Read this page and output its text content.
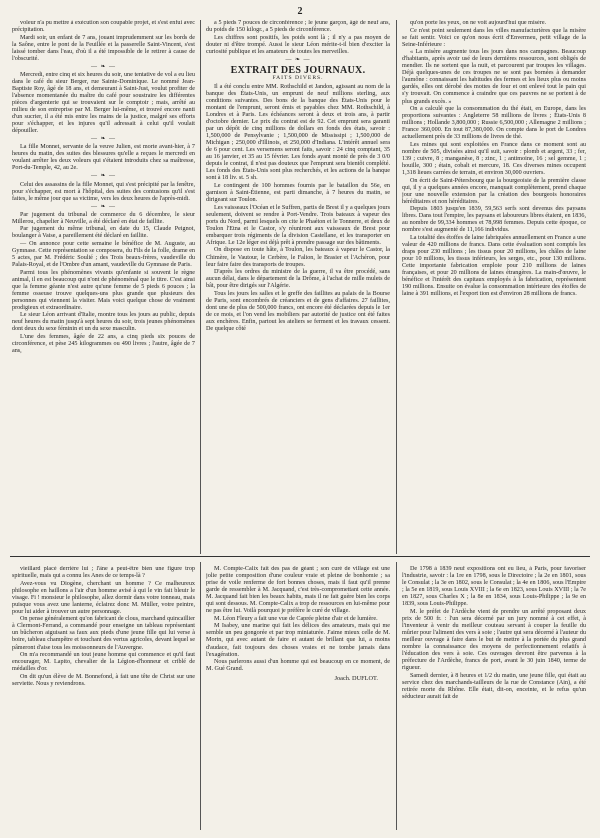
2

voleur n'a pu mettre à exécution son coupable projet, et s'est enfui avec précipitation.

Mardi soir, un enfant de 7 ans, jouant imprudemment sur les bords de la Saône, entre le pont de la Feuillée et la passerelle Saint-Vincent, s'est laissé tomber dans l'eau, d'où il a été impossible de le retirer à cause de l'obscurité.

— ❧ —

Mercredi, entre cinq et six heures du soir, une tentative de vol a eu lieu dans le café du sieur Berger, rue Sainte-Dominique. Le nommé Jean-Baptiste Roy, âgé de 18 ans, et demeurant à Saint-Just, voulut profiter de l'absence momentanée du maître du café pour soustraire les différentes pièces d'argenterie qui se trouvaient sur le comptoir ; mais, arrêté au milieu de son entreprise par M. Berger lui-même, et trouvé encore nanti d'un sucrier, il a été mis entre les mains de la justice, malgré ses efforts pour s'échapper, et les injures qu'il adressait à celui qu'il voulait dépouiller.

— ❧ —

La fille Monnet, servante de la veuve Julien, est morte avant-hier, à 7 heures du matin, des suites des blessures qu'elle a reçues le mercredi en voulant arrêter les deux voleurs qui s'étaient introduits chez sa maîtresse, Port-du-Temple, 42, au 2e.

— ❧ —

Celui des assassins de la fille Monnet, qui s'est précipité par la fenêtre, pour s'échapper, est mort à l'hôpital, des suites des contusions qu'il s'est faites, le même jour que sa victime, vers les deux heures de l'après-midi.

— ❧ —

Par jugement du tribunal de commerce du 6 décembre, le sieur Millerou, chapelier à Neuville, a été déclaré en état de faillite.

Par jugement du même tribunal, en date du 15, Claude Peignot, boulanger à Vaise, a pareillement été déclaré en faillite.

— On annonce pour cette semaine le bénéfice de M. Auguste, au Gymnase. Cette représentation se composera, du Fils de la folle, drame en 5 actes, par M. Frédéric Soulié ; des Trois beaux-frères, vaudeville du Palais-Royal, et de l'Ombre d'un amant, vaudeville du Gymnase de Paris.

Parmi tous les phénomènes vivants qu'enfante si souvent le règne animal, il en est beaucoup qui n'ont de phénoménal que le titre. C'est ainsi que la femme géante n'est autre qu'une femme de 5 pieds 6 pouces ; la femme osseuse trouve quelques-uns plus grande que plusieurs des personnes qui viennent la visiter. Mais voici quelque chose de vraiment prodigieux et extraordinaire.

Le sieur Léon arrivant d'Italie, montre tous les jours au public, depuis neuf heures du matin jusqu'à sept heures du soir, trois jeunes phénomènes dont deux du sexe féminin et un du sexe masculin.

L'une des femmes, âgée de 22 ans, a cinq pieds six pouces de circonférence, et pèse 245 kilogrammes ou 490 livres ; l'autre, âgée de 7 ans,

a 5 pieds 7 pouces de circonférence ; le jeune garçon, âgé de neuf ans, du poids de 150 kilogr., a 5 pieds de circonférence.

Les chiffres sont positifs, les poids sont là ; il n'y a pas moyen de douter ni d'être trompé. Aussi le sieur Léon mérite-t-il bien d'exciter la curiosité publique et les amateurs de toutes les merveilles.

— ❧ —
EXTRAIT DES JOURNAUX.
FAITS DIVERS.

Il a été conclu entre MM. Rothschild et Jandon, agissant au nom de la banque des États-Unis, un emprunt de neuf millions sterling, aux conditions suivantes. Des bons de la banque des États-Unis pour le montant de l'emprunt, seront émis et payables chez MM. Rothschild, à Londres et à Paris. Les échéances seront à deux et trois ans, à partir d'octobre dernier. Le prix du contrat est de 92. Cet emprunt sera garanti par un dépôt de cinq millions de dollars en fonds des états, savoir : 1,500,000 de Pensylvanie ; 1,500,000 de Mississipi ; 1,500,000 de Michigan ; 250,000 d'Illinois, et 250,000 d'Indiana. L'intérêt annuel sera de 6 pour cent. Les versemens seront faits, savoir : 24 cinq comptant, 35 au 16 janvier, et 35 au 15 février. Les fonds ayant monté de près de 3 0/0 depuis le contrat, il n'est pas douteux que l'emprunt sera bientôt complété. Les fonds des États-Unis sont plus recherchés, et les actions de la banque sont à 18 liv. st. 5 sh.

Le contingent de 100 hommes fournis par le bataillon du 56e, en garnison à Saint-Étienne, est parti dimanche, à 7 heures du matin, se dirigeant sur Toulon.

Les vaisseaux l'Océan et le Suffren, partis de Brest il y a quelques jours seulement, doivent se rendre à Port-Vendre. Trois bateaux à vapeur des ports du Nord, parmi lesquels on cite le Phaéton et le Tonnerre, et deux de Toulon l'Etna et le Castor, s'y réuniront aux vaisseaux de Brest pour embarquer trois régiments de la division Castellane, et les transporter en Afrique. Le 12e léger est déjà prêt à prendre passage sur des bâtiments.

On dispose en toute hâte, à Toulon, les bateaux à vapeur le Castor, la Chimère, le Vautour, le Cerbère, le Falion, le Brasier et l'Achéron, pour leur faire faire des transports de troupes.

D'après les ordres du ministre de la guerre, il va être procédé, sans aucun délai, dans le département de la Drôme, à l'achat de mille mulets de bât, pour être dirigés sur l'Algérie.

Tous les jours les salles et le greffe des faillites au palais de la Bourse de Paris, sont encombrés de créanciers et de gens d'affaires. 27 faillites, dont une de plus de 500,000 francs, ont encore été déclarées depuis le 1er de ce mois, et l'on vend les mobiliers par autorité de justice ont été faites aux enchères. Enfin, partout les ateliers se ferment et les travaux cessent. De quelque côté

qu'on porte les yeux, on ne voit aujourd'hui que misère.

Ce n'est point seulement dans les villes manufacturières que la misère se fait sentir. Voici ce qu'on nous écrit d'Envermeu, petit village de la Seine-Inférieure :

« La misère augmente tous les jours dans nos campagnes. Beaucoup d'habitants, après avoir usé de leurs dernières ressources, sont obligés de mendier. Ils ne sortent que la nuit, et parcourent par troupes les villages. Déjà quelques-unes de ces troupes ne se sont pas bornées à demander l'aumône : connaissant les habitudes des fermes et les lieux plus ou moins gardés, elles ont dérobé des mottes de four et ont enlevé tout le pain qui s'y trouvait. On commence à craindre que ces pauvres ne se portent à de plus grands excès. »

On a calculé que la consommation du thé était, en Europe, dans les proportions suivantes : Angleterre 58 millions de livres ; États-Unis 8 millions ; Hollande 3,800,000 ; Russie 6,500,000 ; Allemagne 2 millions ; France 360,000. En tout 87,380,000. On compte dans le port de Londres actuellement près de 33 millions de livres de thé.

Les mines qui sont exploitées en France dans ce moment sont au nombre de 505, divisées ainsi qu'il suit, savoir : plomb et argent, 33 ; fer, 139 ; cuivre, 8 ; manganèse, 8 ; zinc, 1 ; antimoine, 16 ; sel gemme, 1 ; houille, 300 ; étain, cobalt et mercure, 18. Ces diverses mines occupent 1,318 lieues carrées de terrain, et environ 30,000 ouvriers.

On écrit de Saint-Pétersbourg que la bourgeoisie de la première classe qui, il y a quelques années encore, manquait complètement, prend chaque jour une nouvelle extension par la création des bourgeois honoraires héréditaires et non héréditaires.

Depuis 1803 jusqu'en 1839, 59,563 serfs sont devenus des paysans libres. Dans tout l'empire, les paysans et laboureurs libres étaient, en 1836, au nombre de 99,334 hommes et 78,998 femmes. Depuis cette époque, ce nombre s'est augmenté de 11,166 individus.

La totalité des étoffes de laine fabriquées annuellement en France a une valeur de 420 millions de francs. Dans cette évaluation sont comptés les draps pour 230 millions ; les tissus pour 20 millions, les châles de laine pour 10 millions, les tissus inférieurs, les serges, etc., pour 130 millions. Cette importante fabrication emploie pour 210 millions de laines françaises, et pour 20 millions de laines étrangères. La main-d'œuvre, le bénéfice et l'intérêt des capitaux employés à la fabrication, représentent 190 millions. Ensuite on évalue la consommation intérieure des étoffes de laine à 391 millions, et l'export tion est d'environ 28 millions de francs.

vieillard placé derrière lui ; l'âne a peut-être bien une figure trop spirituelle, mais qui a connu les Anes de ce temps-là ?

Avez-vous vu Diogène, cherchant un homme ? Ce malheureux philosophe en haillons a l'air d'un homme avisé à qui le vin fait bleuir le visage. Fi ! monsieur le philosophe, allez dormir dans votre tonneau, mais puisque vous avez une lanterne, éclairez donc M. Müller, votre peintre, pour lui aider à trouver un autre personnage.

On pense généralement qu'on fabricant de clous, marchand quincaillier à Clermont-Ferrand, a commandé pour enseigne un tableau représentant un bûcheron aiguisant sa faux aux pieds d'une jeune fille qui lui verse à boire, tableau champêtre et touchant des vertus agricoles, devant lequel se pâmeront d'aise tous les moissonneurs de l'Auvergne.

On m'a recommandé un tout jeune homme qui commence et qu'il faut encourager, M. Lapito, chevalier de la Légion-d'honneur et criblé de médailles d'or.

On dit qu'un élève de M. Bonnefond, à fait une tête de Christ sur une serviette. Nous y reviendrons.

M. Compte-Calix fait des pas de géant ; son curé de village est une jolie petite composition d'une couleur vraie et pleine de bonhomie ; sa prise de voile renferme de fort bonnes choses, mais il faut qu'il prenne garde de ressembler à M. Jacquand, c'est très-compromettant cette année. M. Jacquand fait bien les beaux habits, mais il ne fait guère bien les corps qui sont dessous. M. Compte-Calix a trop de ressources en lui-même pour ne pas être lui. Voilà pourquoi je préfère le curé de village.

M. Léon Fleury a fait une vue de Caprée pleine d'air et de lumière.

M Isabey, une marine qui fait les délices des amateurs, mais qui me semble un peu gongorée et par trop miniaturée. J'aime mieux celle de M. Morin, qui avec autant de faire et autant de brillant que lui, a moins d'audace, fait toujours des choses vraies et ne tombe jamais dans l'exagération.

Nous parlerons aussi d'un homme qui est beaucoup en ce moment, de M. Gué Grand.

Joach. DUFLOT.

De 1798 à 1839 neuf expositions ont eu lieu, à Paris, pour favoriser l'industrie, savoir : la 1re en 1798, sous le Directoire ; la 2e en 1801, sous le Consulat ; la 3e en 1802, sous le Consulat ; la 4e en 1806, sous l'Empire ; la 5e en 1819, sous Louis XVIII ; la 6e en 1823, sous Louis XVIII ; la 7e en 1827, sous Charles X ; la 8e en 1834, sous Louis-Philippe ; la 9e en 1839, sous Louis-Philippe.

M. le préfet de l'Ardèche vient de prendre un arrêté proposant deux prix de 500 fr. : l'un sera décerné par un jury nommé à cet effet, à l'inventeur à venir du meilleur couteau servant à couper la feuille du mûrier pour l'aliment des vers à soie ; l'autre qui sera décerné à l'auteur du meilleur ouvrage à faire dans le but de mettre à la portée du plus grand nombre la connaissance des moyens de perfectionnement relatifs à l'éducation des vers à soie. Ces ouvrages devront être parvenus à la préfecture de l'Ardèche, francs de port, avant le 30 juin 1840, terme de rigueur.

Samedi dernier, à 8 heures et 1/2 du matin, une jeune fille, qui était au service chez des marchands-tailleurs de la rue de Constance (Ain), a été retirée morte du Rhône. Elle était, dit-on, enceinte, et le refus qu'un séducteur aurait fait de
